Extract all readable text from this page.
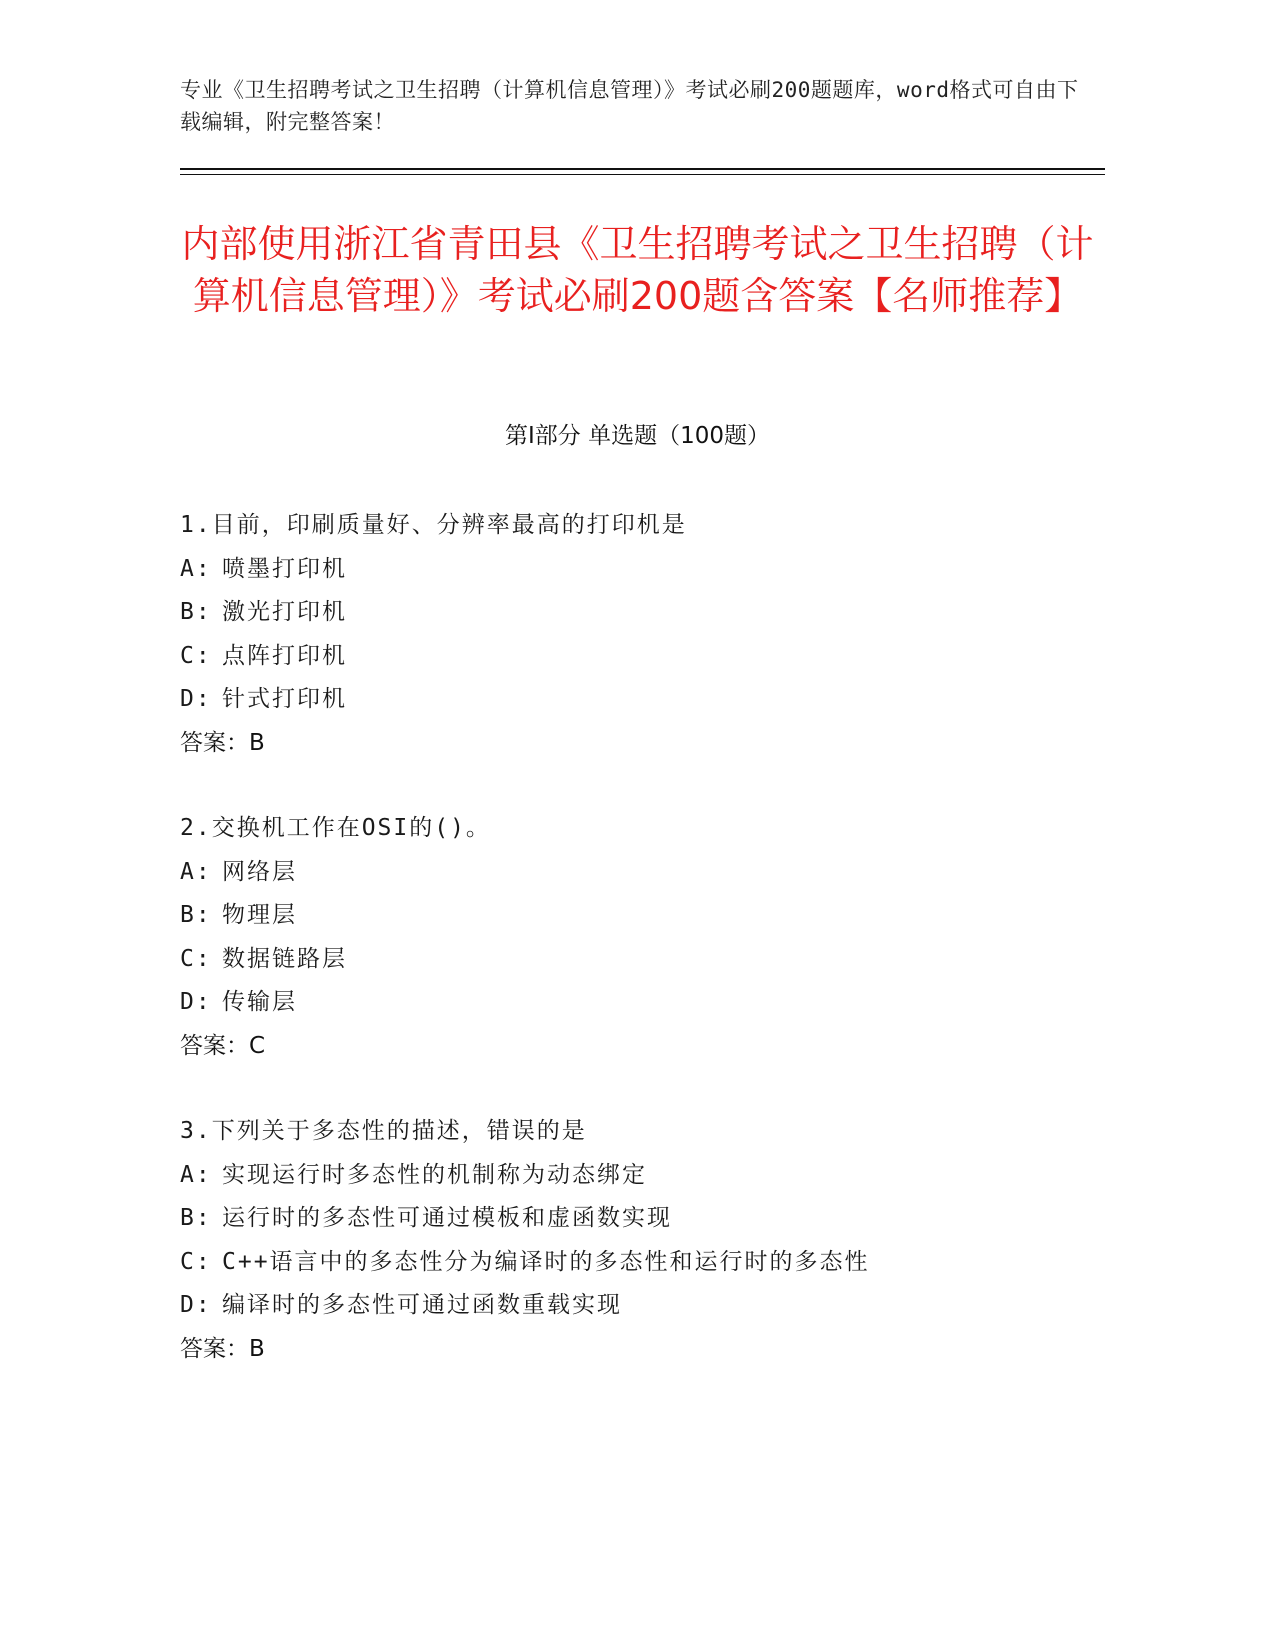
专业《卫生招聘考试之卫生招聘（计算机信息管理）》考试必刷200题题库，word格式可自由下载编辑，附完整答案！
内部使用浙江省青田县《卫生招聘考试之卫生招聘（计算机信息管理）》考试必刷200题含答案【名师推荐】
第Ⅰ部分 单选题（100题）
1.目前，印刷质量好、分辨率最高的打印机是
A: 喷墨打印机
B: 激光打印机
C: 点阵打印机
D: 针式打印机
答案：B
2.交换机工作在OSI的()。
A: 网络层
B: 物理层
C: 数据链路层
D: 传输层
答案：C
3.下列关于多态性的描述，错误的是
A: 实现运行时多态性的机制称为动态绑定
B: 运行时的多态性可通过模板和虚函数实现
C: C++语言中的多态性分为编译时的多态性和运行时的多态性
D: 编译时的多态性可通过函数重载实现
答案：B
